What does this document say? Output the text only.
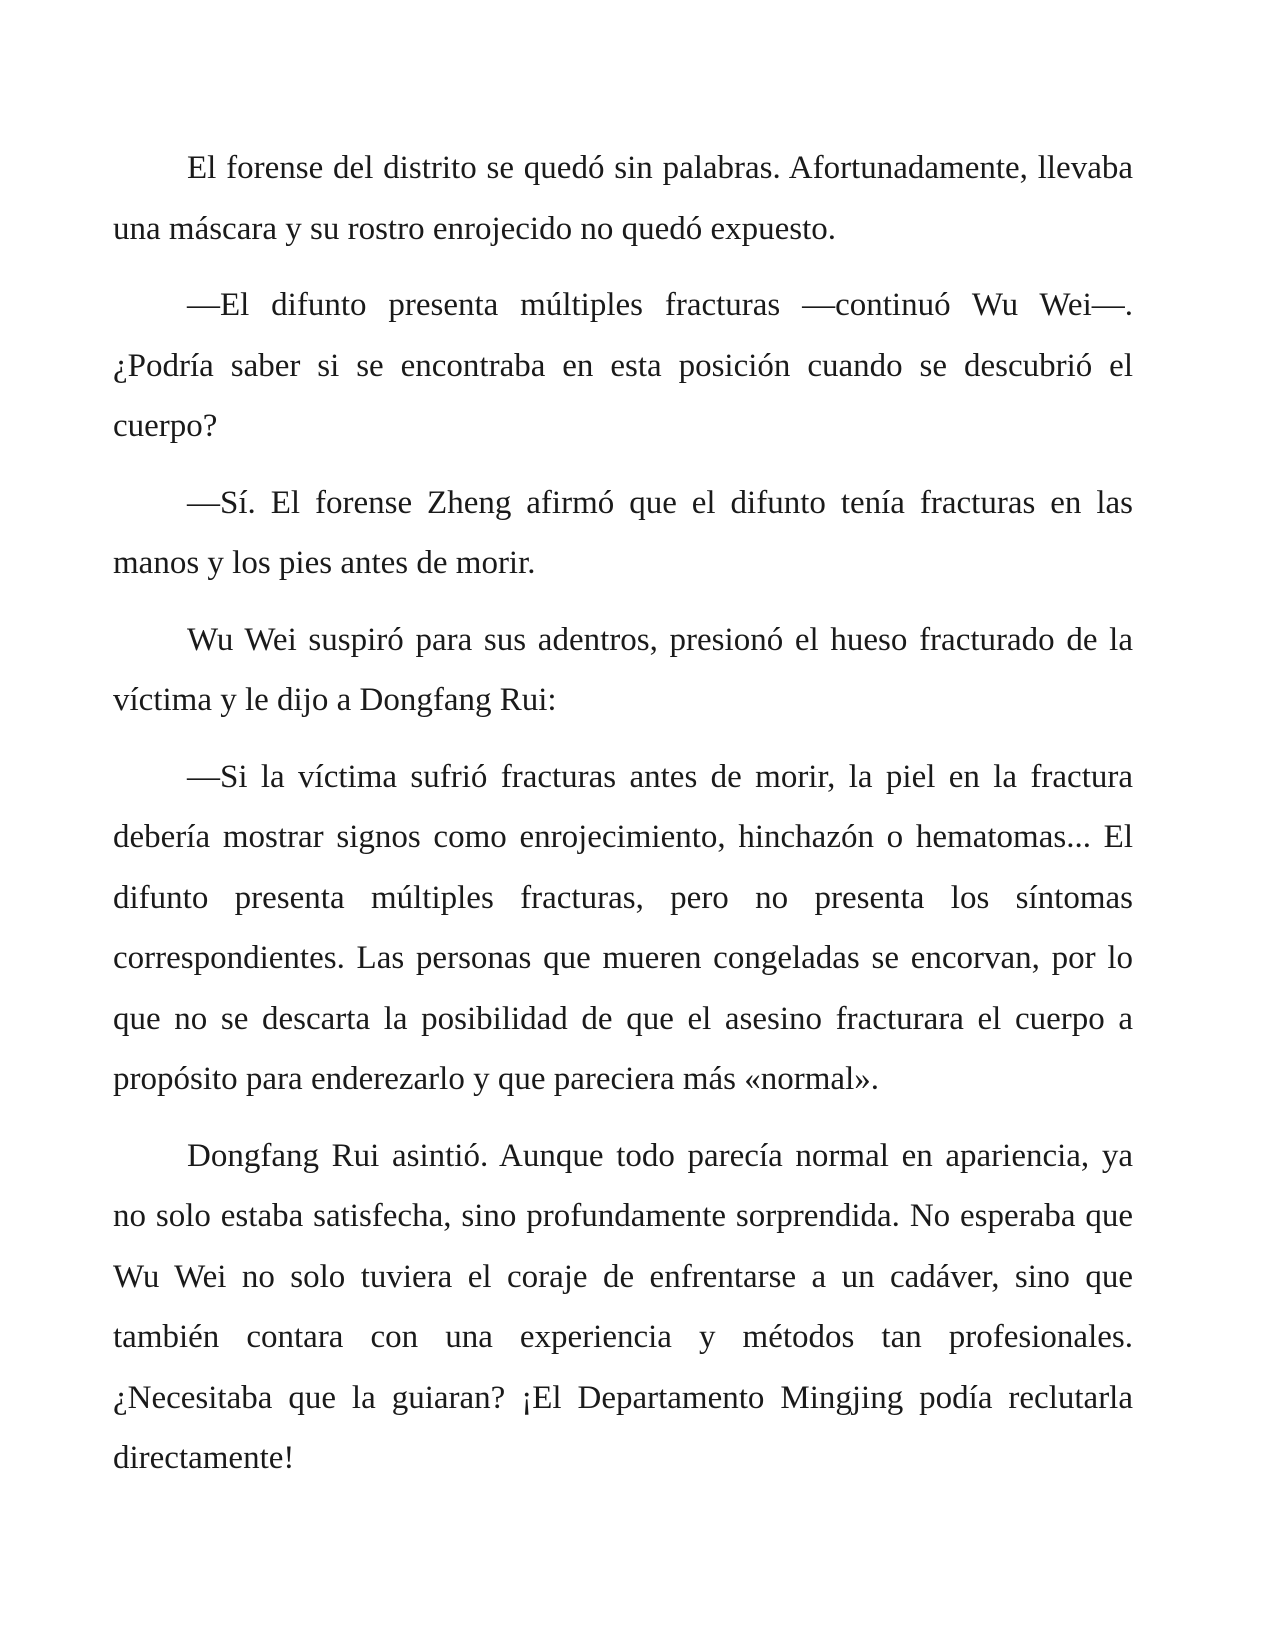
El forense del distrito se quedó sin palabras. Afortunadamente, llevaba una máscara y su rostro enrojecido no quedó expuesto.

—El difunto presenta múltiples fracturas —continuó Wu Wei—. ¿Podría saber si se encontraba en esta posición cuando se descubrió el cuerpo?

—Sí. El forense Zheng afirmó que el difunto tenía fracturas en las manos y los pies antes de morir.

Wu Wei suspiró para sus adentros, presionó el hueso fracturado de la víctima y le dijo a Dongfang Rui:

—Si la víctima sufrió fracturas antes de morir, la piel en la fractura debería mostrar signos como enrojecimiento, hinchazón o hematomas... El difunto presenta múltiples fracturas, pero no presenta los síntomas correspondientes. Las personas que mueren congeladas se encorvan, por lo que no se descarta la posibilidad de que el asesino fracturara el cuerpo a propósito para enderezarlo y que pareciera más «normal».

Dongfang Rui asintió. Aunque todo parecía normal en apariencia, ya no solo estaba satisfecha, sino profundamente sorprendida. No esperaba que Wu Wei no solo tuviera el coraje de enfrentarse a un cadáver, sino que también contara con una experiencia y métodos tan profesionales. ¿Necesitaba que la guiaran? ¡El Departamento Mingjing podía reclutarla directamente!
